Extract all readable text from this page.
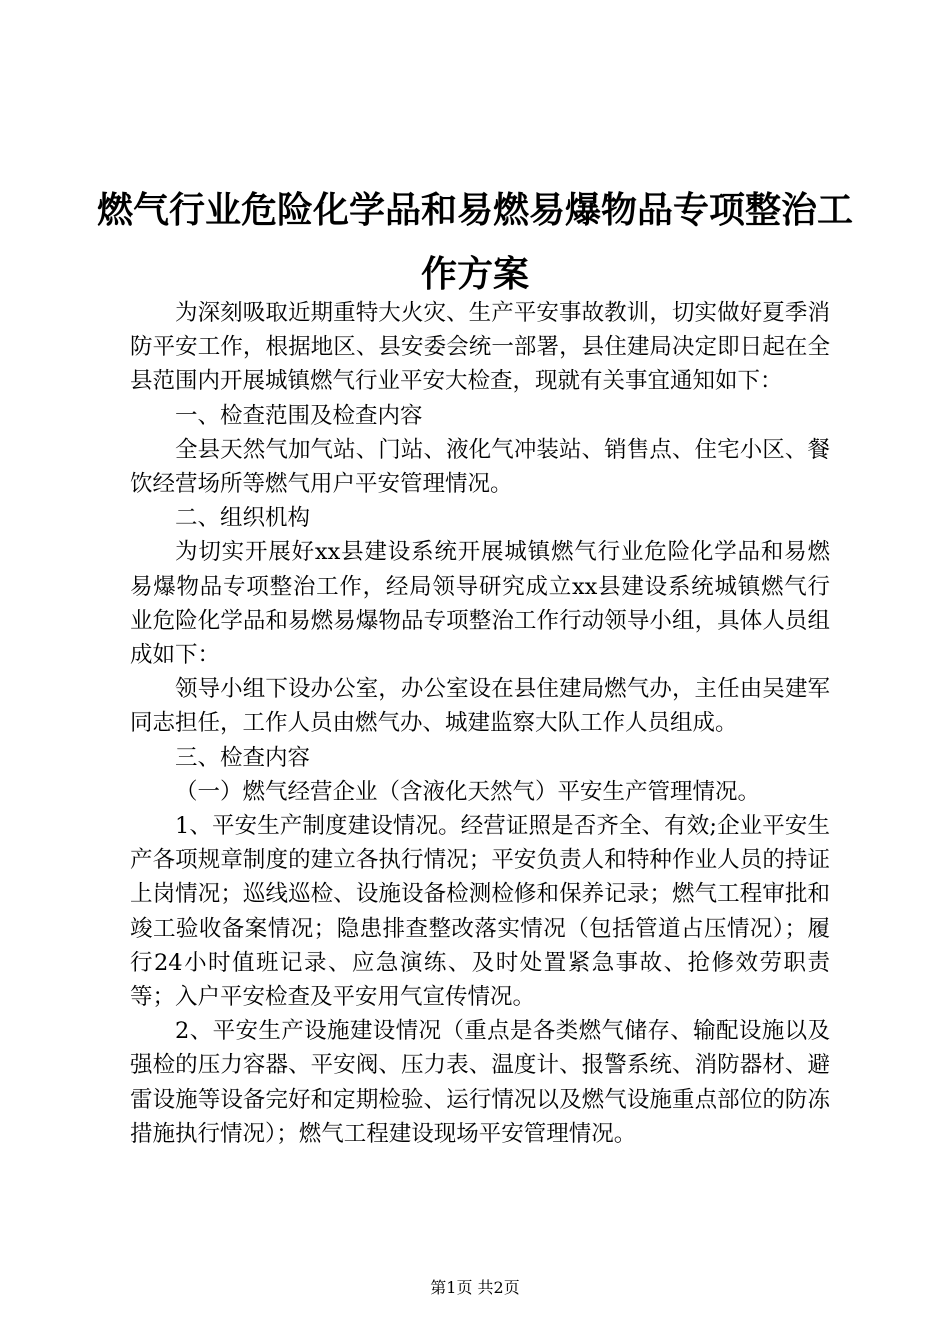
燃气行业危险化学品和易燃易爆物品专项整治工作方案

为深刻吸取近期重特大火灾、生产平安事故教训，切实做好夏季消防平安工作，根据地区、县安委会统一部署，县住建局决定即日起在全县范围内开展城镇燃气行业平安大检查，现就有关事宜通知如下：

一、检查范围及检查内容

全县天然气加气站、门站、液化气冲装站、销售点、住宅小区、餐饮经营场所等燃气用户平安管理情况。

二、组织机构

为切实开展好xx县建设系统开展城镇燃气行业危险化学品和易燃易爆物品专项整治工作，经局领导研究成立xx县建设系统城镇燃气行业危险化学品和易燃易爆物品专项整治工作行动领导小组，具体人员组成如下：

领导小组下设办公室，办公室设在县住建局燃气办，主任由吴建军同志担任，工作人员由燃气办、城建监察大队工作人员组成。

三、检查内容

（一）燃气经营企业（含液化天然气）平安生产管理情况。

1、平安生产制度建设情况。经营证照是否齐全、有效;企业平安生产各项规章制度的建立各执行情况；平安负责人和特种作业人员的持证上岗情况；巡线巡检、设施设备检测检修和保养记录；燃气工程审批和竣工验收备案情况；隐患排查整改落实情况（包括管道占压情况）；履行24小时值班记录、应急演练、及时处置紧急事故、抢修效劳职责等；入户平安检查及平安用气宣传情况。

2、平安生产设施建设情况（重点是各类燃气储存、输配设施以及强检的压力容器、平安阀、压力表、温度计、报警系统、消防器材、避雷设施等设备完好和定期检验、运行情况以及燃气设施重点部位的防冻措施执行情况）；燃气工程建设现场平安管理情况。

第1页 共2页
